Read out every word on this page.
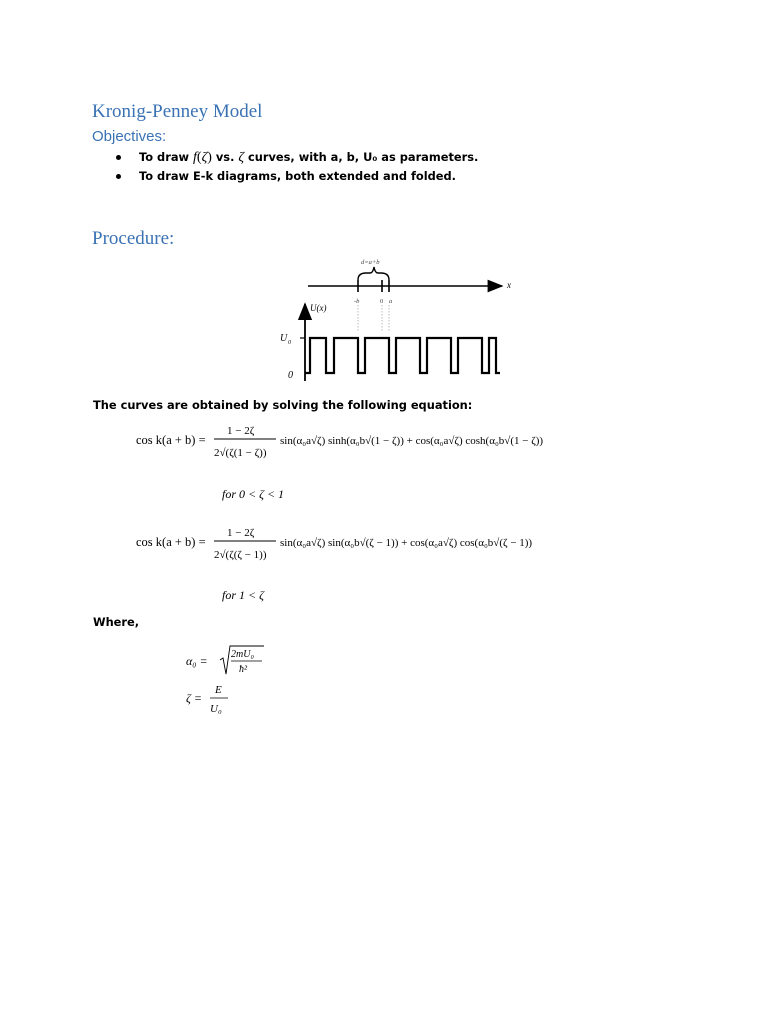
Kronig-Penney Model
Objectives:
To draw f(ζ) vs. ζ curves, with a, b, U₀ as parameters.
To draw E-k diagrams, both extended and folded.
Procedure:
x
d=a+b
-b	0 a
U(x)
U 0
0
The curves are obtained by solving the following equation:
cos k(a + b) =
1 − 2ζ
2√(ζ(1 − ζ))
sin(α₀a√ζ) sinh(α₀b√(1 − ζ)) + cos(α₀a√ζ) cosh(α₀b√(1 − ζ))
for 0 < ζ < 1
cos k(a + b) =
1 − 2ζ
2√(ζ(ζ − 1))
sin(α₀a√ζ) sin(α₀b√(ζ − 1)) + cos(α₀a√ζ) cos(α₀b√(ζ − 1))
for 1 < ζ
Where,
α₀ = 2mU₀
ħ²
ζ =
E
U₀
